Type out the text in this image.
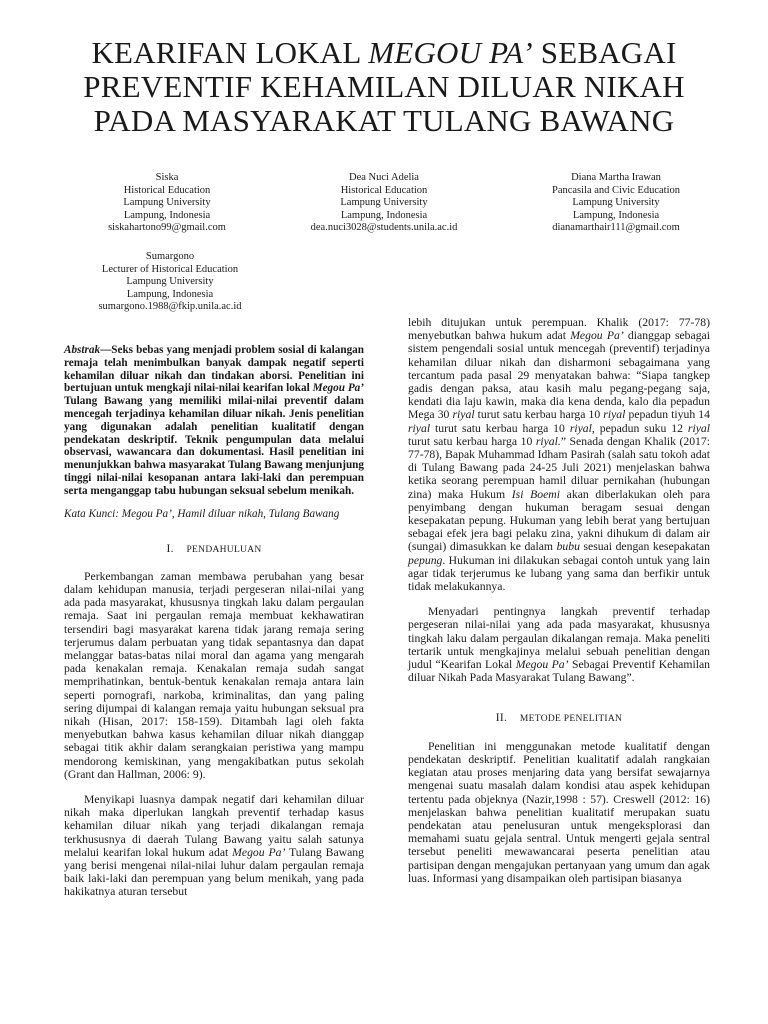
KEARIFAN LOKAL MEGOU PA’ SEBAGAI PREVENTIF KEHAMILAN DILUAR NIKAH PADA MASYARAKAT TULANG BAWANG
Siska
Historical Education
Lampung University
Lampung, Indonesia
siskahartono99@gmail.com
Dea Nuci Adelia
Historical Education
Lampung University
Lampung, Indonesia
dea.nuci3028@students.unila.ac.id
Diana Martha Irawan
Pancasila and Civic Education
Lampung University
Lampung, Indonesia
dianamarthair111@gmail.com
Sumargono
Lecturer of Historical Education
Lampung University
Lampung, Indonesia
sumargono.1988@fkip.unila.ac.id

Abstrak—Seks bebas yang menjadi problem sosial di kalangan remaja telah menimbulkan banyak dampak negatif seperti kehamilan diluar nikah dan tindakan aborsi. Penelitian ini bertujuan untuk mengkaji nilai-nilai kearifan lokal Megou Pa’ Tulang Bawang yang memiliki milai-nilai preventif dalam mencegah terjadinya kehamilan diluar nikah. Jenis penelitian yang digunakan adalah penelitian kualitatif dengan pendekatan deskriptif. Teknik pengumpulan data melalui observasi, wawancara dan dokumentasi. Hasil penelitian ini menunjukkan bahwa masyarakat Tulang Bawang menjunjung tinggi nilai-nilai kesopanan antara laki-laki dan perempuan serta menganggap tabu hubungan seksual sebelum menikah.

Kata Kunci: Megou Pa’, Hamil diluar nikah, Tulang Bawang

I. PENDAHULUAN

Perkembangan zaman membawa perubahan yang besar dalam kehidupan manusia, terjadi pergeseran nilai-nilai yang ada pada masyarakat, khususnya tingkah laku dalam pergaulan remaja. Saat ini pergaulan remaja membuat kekhawatiran tersendiri bagi masyarakat karena tidak jarang remaja sering terjerumus dalam perbuatan yang tidak sepantasnya dan dapat melanggar batas-batas nilai moral dan agama yang mengarah pada kenakalan remaja. Kenakalan remaja sudah sangat memprihatinkan, bentuk-bentuk kenakalan remaja antara lain seperti pornografi, narkoba, kriminalitas, dan yang paling sering dijumpai di kalangan remaja yaitu hubungan seksual pra nikah (Hisan, 2017: 158-159). Ditambah lagi oleh fakta menyebutkan bahwa kasus kehamilan diluar nikah dianggap sebagai titik akhir dalam serangkaian peristiwa yang mampu mendorong kemiskinan, yang mengakibatkan putus sekolah (Grant dan Hallman, 2006: 9).

Menyikapi luasnya dampak negatif dari kehamilan diluar nikah maka diperlukan langkah preventif terhadap kasus kehamilan diluar nikah yang terjadi dikalangan remaja terkhususnya di daerah Tulang Bawang yaitu salah satunya melalui kearifan lokal hukum adat Megou Pa’ Tulang Bawang yang berisi mengenai nilai-nilai luhur dalam pergaulan remaja baik laki-laki dan perempuan yang belum menikah, yang pada hakikatnya aturan tersebut

lebih ditujukan untuk perempuan. Khalik (2017: 77-78) menyebutkan bahwa hukum adat Megou Pa’ dianggap sebagai sistem pengendali sosial untuk mencegah (preventif) terjadinya kehamilan diluar nikah dan disharmoni sebagaimana yang tercantum pada pasal 29 menyatakan bahwa: “Siapa tangkep gadis dengan paksa, atau kasih malu pegang-pegang saja, kendati dia laju kawin, maka dia kena denda, kalo dia pepadun Mega 30 riyal turut satu kerbau harga 10 riyal pepadun tiyuh 14 riyal turut satu kerbau harga 10 riyal, pepadun suku 12 riyal turut satu kerbau harga 10 riyal.” Senada dengan Khalik (2017: 77-78), Bapak Muhammad Idham Pasirah (salah satu tokoh adat di Tulang Bawang pada 24-25 Juli 2021) menjelaskan bahwa ketika seorang perempuan hamil diluar pernikahan (hubungan zina) maka Hukum Isi Boemi akan diberlakukan oleh para penyimbang dengan hukuman beragam sesuai dengan kesepakatan pepung. Hukuman yang lebih berat yang bertujuan sebagai efek jera bagi pelaku zina, yakni dihukum di dalam air (sungai) dimasukkan ke dalam bubu sesuai dengan kesepakatan pepung. Hukuman ini dilakukan sebagai contoh untuk yang lain agar tidak terjerumus ke lubang yang sama dan berfikir untuk tidak melakukannya.

Menyadari pentingnya langkah preventif terhadap pergeseran nilai-nilai yang ada pada masyarakat, khususnya tingkah laku dalam pergaulan dikalangan remaja. Maka peneliti tertarik untuk mengkajinya melalui sebuah penelitian dengan judul “Kearifan Lokal Megou Pa’ Sebagai Preventif Kehamilan diluar Nikah Pada Masyarakat Tulang Bawang”.

II. METODE PENELITIAN

Penelitian ini menggunakan metode kualitatif dengan pendekatan deskriptif. Penelitian kualitatif adalah rangkaian kegiatan atau proses menjaring data yang bersifat sewajarnya mengenai suatu masalah dalam kondisi atau aspek kehidupan tertentu pada objeknya (Nazir,1998 : 57). Creswell (2012: 16) menjelaskan bahwa penelitian kualitatif merupakan suatu pendekatan atau penelusuran untuk mengeksplorasi dan memahami suatu gejala sentral. Untuk mengerti gejala sentral tersebut peneliti mewawancarai peserta penelitian atau partisipan dengan mengajukan pertanyaan yang umum dan agak luas. Informasi yang disampaikan oleh partisipan biasanya
